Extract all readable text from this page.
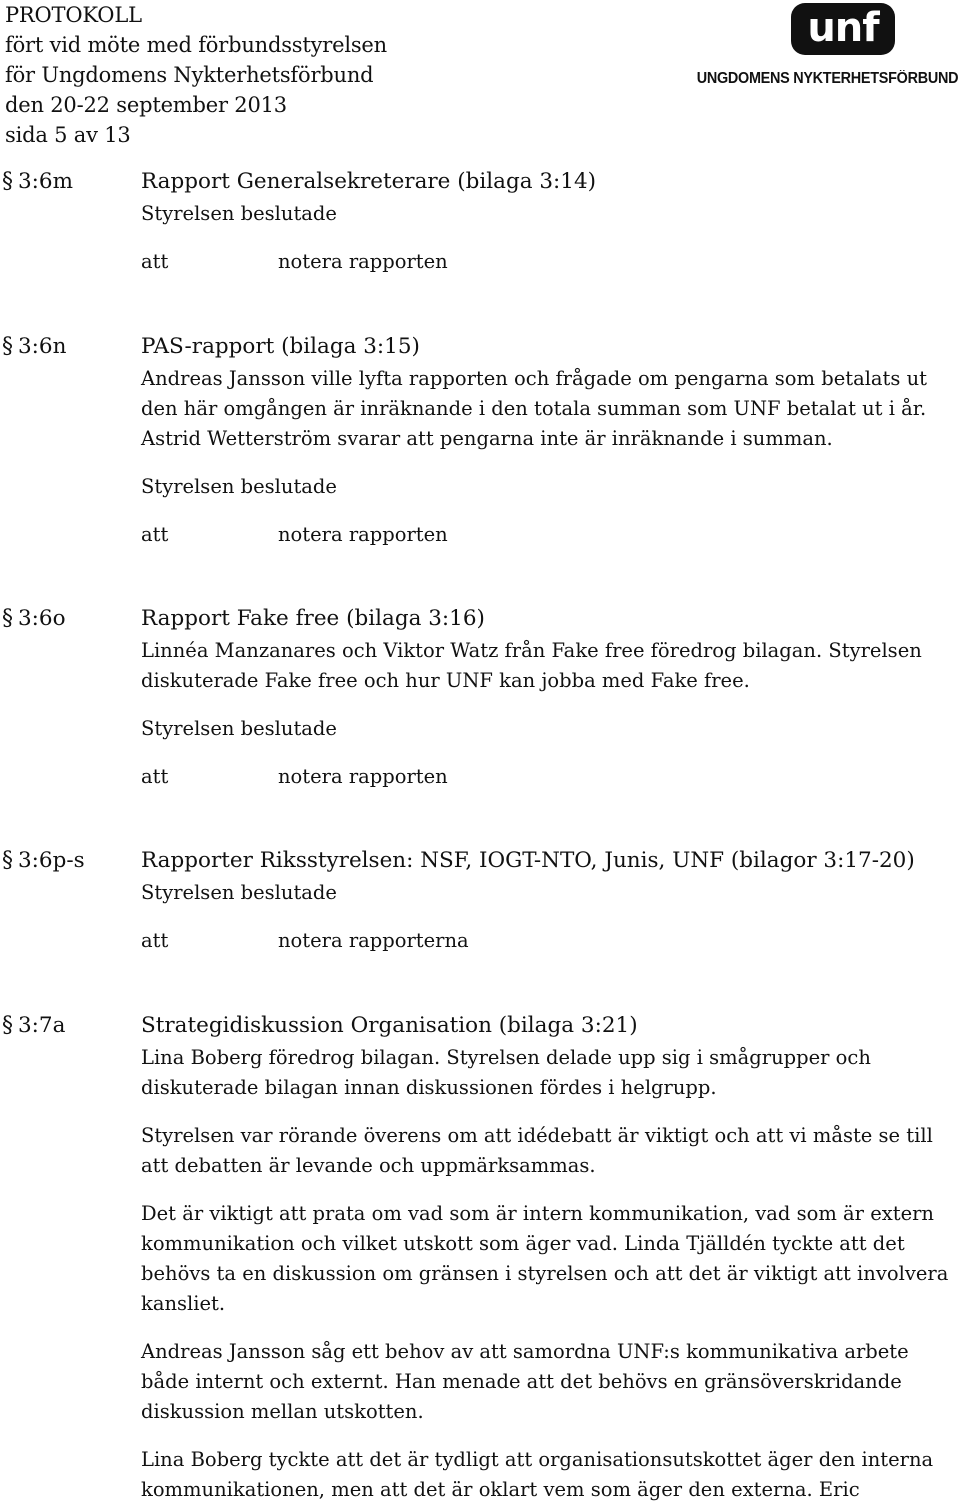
PROTOKOLL
fört vid möte med förbundsstyrelsen
för Ungdomens Nykterhetsförbund
den 20-22 september 2013
sida 5 av 13
unf
UNGDOMENS NYKTERHETSFÖRBUND
§ 3:6m	Rapport Generalsekreterare (bilaga 3:14)

Styrelsen beslutade

att	notera rapporten
§ 3:6n	PAS-rapport (bilaga 3:15)

Andreas Jansson ville lyfta rapporten och frågade om pengarna som betalats ut den här omgången är inräknande i den totala summan som UNF betalat ut i år. Astrid Wetterström svarar att pengarna inte är inräknande i summan.

Styrelsen beslutade

att	notera rapporten
§ 3:6o	Rapport Fake free (bilaga 3:16)

Linnéa Manzanares och Viktor Watz från Fake free föredrog bilagan. Styrelsen diskuterade Fake free och hur UNF kan jobba med Fake free.

Styrelsen beslutade

att	notera rapporten
§ 3:6p-s	Rapporter Riksstyrelsen: NSF, IOGT-NTO, Junis, UNF (bilagor 3:17-20)

Styrelsen beslutade

att	notera rapporterna
§ 3:7a	Strategidiskussion Organisation (bilaga 3:21)

Lina Boberg föredrog bilagan. Styrelsen delade upp sig i smågrupper och diskuterade bilagan innan diskussionen fördes i helgrupp.

Styrelsen var rörande överens om att idédebatt är viktigt och att vi måste se till att debatten är levande och uppmärksammas.

Det är viktigt att prata om vad som är intern kommunikation, vad som är extern kommunikation och vilket utskott som äger vad. Linda Tjälldén tyckte att det behövs ta en diskussion om gränsen i styrelsen och att det är viktigt att involvera kansliet.

Andreas Jansson såg ett behov av att samordna UNF:s kommunikativa arbete både internt och externt. Han menade att det behövs en gränsöverskridande diskussion mellan utskotten.

Lina Boberg tyckte att det är tydligt att organisationsutskottet äger den interna kommunikationen, men att det är oklart vem som äger den externa. Eric
